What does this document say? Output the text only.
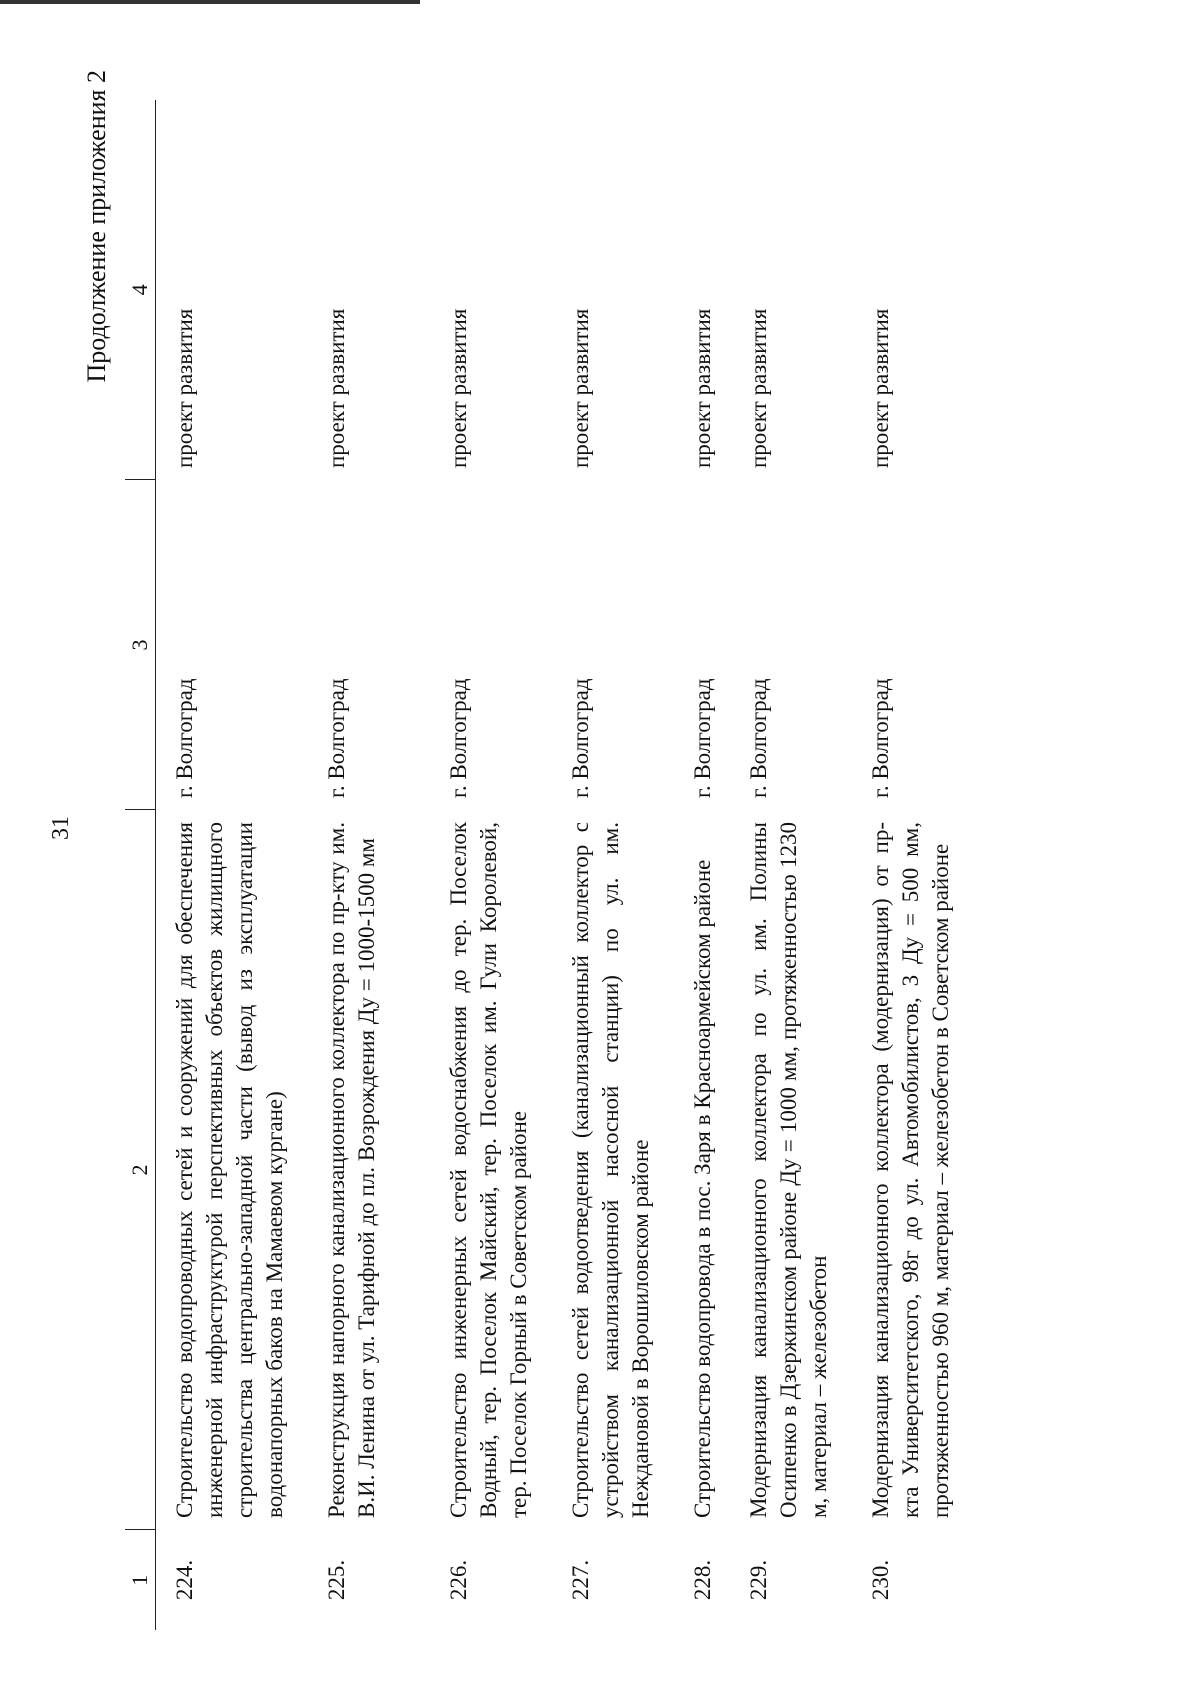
31
Продолжение приложения 2
1	2	3	4
224.	Строительство водопроводных сетей и сооружений для обеспечения инженерной инфраструктурой перспективных объектов жилищного строительства центрально-западной части (вывод из эксплуатации водонапорных баков на Мамаевом кургане)	г. Волгоград	проект развития
225.	Реконструкция напорного канализационного коллектора по пр-кту им. В.И. Ленина от ул. Тарифной до пл. Возрождения Ду = 1000-1500 мм	г. Волгоград	проект развития
226.	Строительство инженерных сетей водоснабжения до тер. Поселок Водный, тер. Поселок Майский, тер. Поселок им. Гули Королевой, тер. Поселок Горный в Советском районе	г. Волгоград	проект развития
227.	Строительство сетей водоотведения (канализационный коллектор с устройством канализационной насосной станции) по ул. им. Неждановой в Ворошиловском районе	г. Волгоград	проект развития
228.	Строительство водопровода в пос. Заря в Красноармейском районе	г. Волгоград	проект развития
229.	Модернизация канализационного коллектора по ул. им. Полины Осипенко в Дзержинском районе Ду = 1000 мм, протяженностью 1230 м, материал – железобетон	г. Волгоград	проект развития
230.	Модернизация канализационного коллектора (модернизация) от пр-кта Университетского, 98г до ул. Автомобилистов, 3 Ду = 500 мм, протяженностью 960 м, материал – железобетон в Советском районе	г. Волгоград	проект развития
